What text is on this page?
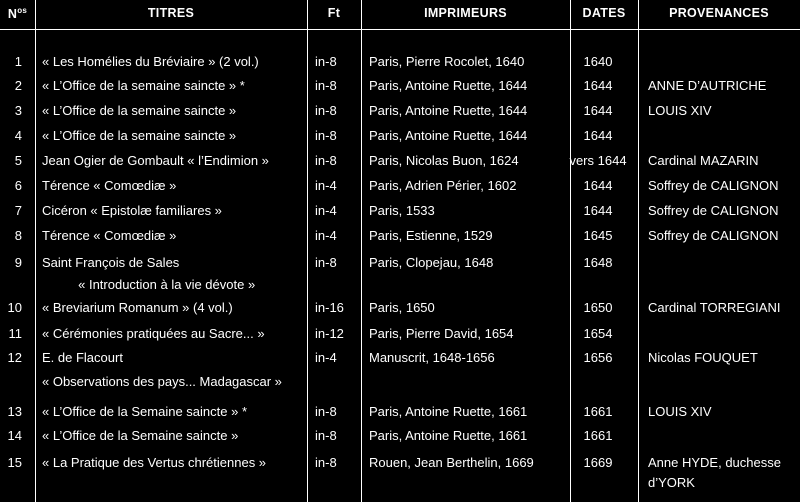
$N^{os}$	TITRES	Ft	IMPRIMEURS	DATES	PROVENANCES
1 « Les Homélies du Bréviaire » (2 vol.)	in-8 Paris, Pierre Rocolet, 1640	1640
2 « L’Office de la semaine saincte » *	in-8 Paris, Antoine Ruette, 1644	1644	ANNE D’AUTRICHE
3 « L’Office de la semaine saincte »	in-8 Paris, Antoine Ruette, 1644	1644	LOUIS XIV
4 « L’Office de la semaine saincte »	in-8 Paris, Antoine Ruette, 1644	1644
5 Jean Ogier de Gombault « l’Endimion »	in-8 Paris, Nicolas Buon, 1624	vers 1644 Cardinal MAZARIN
6 Térence « Comœdiæ »	in-4 Paris, Adrien Périer, 1602	1644	Soffrey de CALIGNON
7 Cicéron « Epistolæ familiares »	in-4 Paris, 1533	1644	Soffrey de CALIGNON
8 Térence « Comœdiæ »	in-4 Paris, Estienne, 1529	1645	Soffrey de CALIGNON
9 Saint François de Sales	in-8 Paris, Clopejau, 1648	1648
« Introduction à la vie dévote »
10 « Breviarium Romanum » (4 vol.)	in-16 Paris, 1650	1650	Cardinal TORREGIANI
11 « Cérémonies pratiquées au Sacre... »	in-12 Paris, Pierre David, 1654	1654
12 E. de Flacourt	in-4 Manuscrit, 1648-1656	1656	Nicolas FOUQUET
« Observations des pays... Madagascar »
13 « L’Office de la Semaine saincte » *	in-8 Paris, Antoine Ruette, 1661	1661	LOUIS XIV
14 « L’Office de la Semaine saincte »	in-8 Paris, Antoine Ruette, 1661	1661
15 « La Pratique des Vertus chrétiennes »	in-8 Rouen, Jean Berthelin, 1669	1669	Anne HYDE, duchesse
d’YORK
